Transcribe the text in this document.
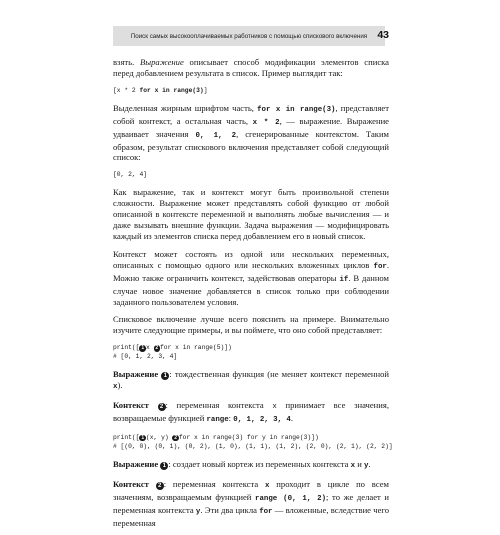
Поиск самых высокооплачиваемых работников с помощью спискового включения 43

взять. Выражение описывает способ модификации элементов списка перед добавлением результата в список. Пример выглядит так:

[x * 2 for x in range(3)]

Выделенная жирным шрифтом часть, for x in range(3), представляет собой контекст, а остальная часть, x * 2, — выражение. Выражение удваивает значения 0, 1, 2, сгенерированные контекстом. Таким образом, результат спискового включения представляет собой следующий список:

[0, 2, 4]

Как выражение, так и контекст могут быть произвольной степени сложности. Выражение может представлять собой функцию от любой описанной в контексте переменной и выполнять любые вычисления — и даже вызывать внешние функции. Задача выражения — модифицировать каждый из элементов списка перед добавлением его в новый список.

Контекст может состоять из одной или нескольких переменных, описанных с помощью одного или нескольких вложенных циклов for. Можно также ограничить контекст, задействовав операторы if. В данном случае новое значение добавляется в список только при соблюдении заданного пользователем условия.

Списковое включение лучше всего пояснить на примере. Внимательно изучите следующие примеры, и вы поймете, что оно собой представляет:

print([ 1 x 2 for x in range(5)])
# [0, 1, 2, 3, 4]

Выражение 1 : тождественная функция (не меняет контекст переменной x).

Контекст 2 : переменная контекста x принимает все значения, возвращаемые функцией range: 0, 1, 2, 3, 4.

print([ 1 (x, y) 2 for x in range(3) for y in range(3)])
# [(0, 0), (0, 1), (0, 2), (1, 0), (1, 1), (1, 2), (2, 0), (2, 1), (2, 2)]

Выражение 1 : создает новый кортеж из переменных контекста x и y.

Контекст 2 : переменная контекста x проходит в цикле по всем значениям, возвращаемым функцией range (0, 1, 2); то же делает и переменная контекста y. Эти два цикла for — вложенные, вследствие чего переменная
